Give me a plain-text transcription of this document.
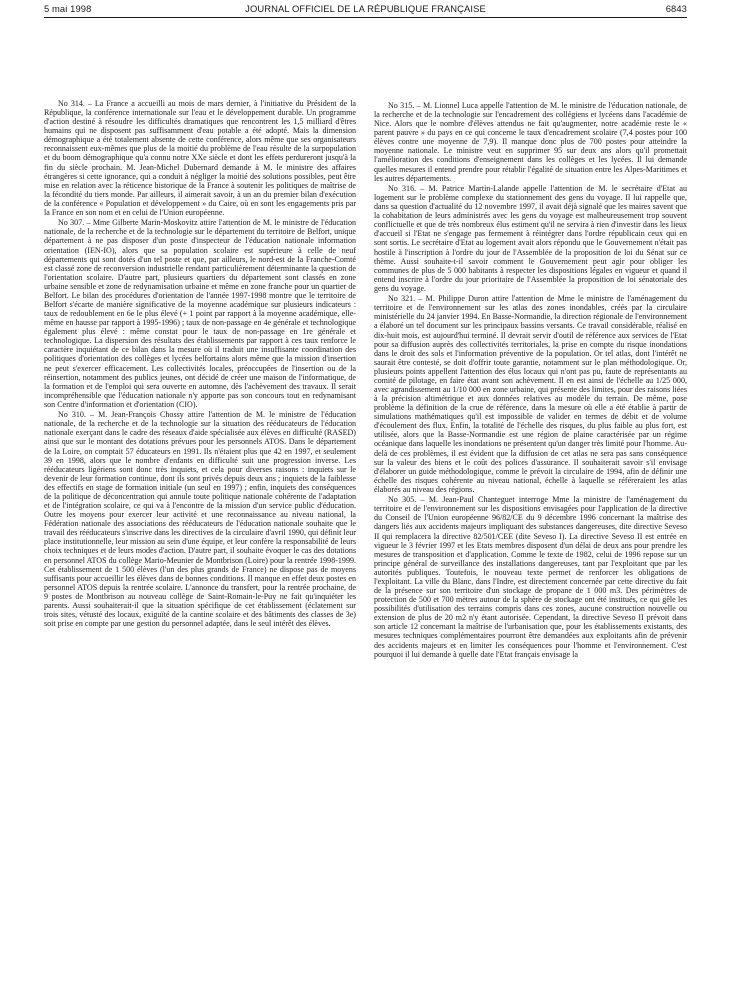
5 mai 1998	JOURNAL OFFICIEL DE LA RÉPUBLIQUE FRANÇAISE	6843

No 314. – La France a accueilli au mois de mars dernier, à l'initiative du Président de la République, la conférence internationale sur l'eau et le développement durable. Un programme d'action destiné à résoudre les difficultés dramatiques que rencontrent les 1,5 milliard d'êtres humains qui ne disposent pas suffisamment d'eau potable a été adopté. Mais la dimension démographique a été totalement absente de cette conférence, alors même que ses organisateurs reconnaissent eux-mêmes que plus de la moitié du problème de l'eau résulte de la surpopulation et du boom démographique qu'a connu notre XXe siècle et dont les effets perdureront jusqu'à la fin du siècle prochain. M. Jean-Michel Dubernard demande à M. le ministre des affaires étrangères si cette ignorance, qui a conduit à négliger la moitié des solutions possibles, peut être mise en relation avec la réticence historique de la France à soutenir les politiques de maîtrise de la fécondité du tiers monde. Par ailleurs, il aimerait savoir, à un an du premier bilan d'exécution de la conférence « Population et développement » du Caire, où en sont les engagements pris par la France en son nom et en celui de l'Union européenne.

No 307. – Mme Gilberte Marin-Moskovitz attire l'attention de M. le ministre de l'éducation nationale, de la recherche et de la technologie sur le département du territoire de Belfort, unique département à ne pas disposer d'un poste d'inspecteur de l'éducation nationale information orientation (IEN-IO), alors que sa population scolaire est supérieure à celle de neuf départements qui sont dotés d'un tel poste et que, par ailleurs, le nord-est de la Franche-Comté est classé zone de reconversion industrielle rendant particulièrement déterminante la question de l'orientation scolaire. D'autre part, plusieurs quartiers du département sont classés en zone urbaine sensible et zone de redynamisation urbaine et même en zone franche pour un quartier de Belfort. Le bilan des procédures d'orientation de l'année 1997-1998 montre que le territoire de Belfort s'écarte de manière significative de la moyenne académique sur plusieurs indicateurs : taux de redoublement en 6e le plus élevé (+ 1 point par rapport à la moyenne académique, elle-même en hausse par rapport à 1995-1996) ; taux de non-passage en 4e générale et technologique également plus élevé : même constat pour le taux de non-passage en 1re générale et technologique. La dispersion des résultats des établissements par rapport à ces taux renforce le caractère inquiétant de ce bilan dans la mesure où il traduit une insuffisante coordination des politiques d'orientation des collèges et lycées belfortains alors même que la mission d'insertion ne peut s'exercer efficacement. Les collectivités locales, préoccupées de l'insertion ou de la réinsertion, notamment des publics jeunes, ont décidé de créer une maison de l'informatique, de la formation et de l'emploi qui sera ouverte en automne, dès l'achèvement des travaux. Il serait incompréhensible que l'éducation nationale n'y apporte pas son concours tout en redynamisant son Centre d'information et d'orientation (CIO).

No 310. – M. Jean-François Chossy attire l'attention de M. le ministre de l'éducation nationale, de la recherche et de la technologie sur la situation des rééducateurs de l'éducation nationale exerçant dans le cadre des réseaux d'aide spécialisée aux élèves en difficulté (RASED) ainsi que sur le montant des dotations prévues pour les personnels ATOS. Dans le département de la Loire, on comptait 57 éducateurs en 1991. Ils n'étaient plus que 42 en 1997, et seulement 39 en 1998, alors que le nombre d'enfants en difficulté suit une progression inverse. Les rééducateurs ligériens sont donc très inquiets, et cela pour diverses raisons : inquiets sur le devenir de leur formation continue, dont ils sont privés depuis deux ans ; inquiets de la faiblesse des effectifs en stage de formation initiale (un seul en 1997) ; enfin, inquiets des conséquences de la politique de déconcentration qui annule toute politique nationale cohérente de l'adaptation et de l'intégration scolaire, ce qui va à l'encontre de la mission d'un service public d'éducation. Outre les moyens pour exercer leur activité et une reconnaissance au niveau national, la Fédération nationale des associations des rééducateurs de l'éducation nationale souhaite que le travail des rééducateurs s'inscrive dans les directives de la circulaire d'avril 1990, qui définit leur place institutionnelle, leur mission au sein d'une équipe, et leur confère la responsabilité de leurs choix techniques et de leurs modes d'action. D'autre part, il souhaite évoquer le cas des dotations en personnel ATOS du collège Mario-Meunier de Montbrison (Loire) pour la rentrée 1998-1999. Cet établissement de 1 500 élèves (l'un des plus grands de France) ne dispose pas de moyens suffisants pour accueillir les élèves dans de bonnes conditions. Il manque en effet deux postes en personnel ATOS depuis la rentrée scolaire. L'annonce du transfert, pour la rentrée prochaine, de 9 postes de Montbrison au nouveau collège de Saint-Romain-le-Puy ne fait qu'inquiéter les parents. Aussi souhaiterait-il que la situation spécifique de cet établissement (éclatement sur trois sites, vétusté des locaux, exiguïté de la cantine scolaire et des bâtiments des classes de 3e) soit prise en compte par une gestion du personnel adaptée, dans le seul intérêt des élèves.

No 315. – M. Lionnel Luca appelle l'attention de M. le ministre de l'éducation nationale, de la recherche et de la technologie sur l'encadrement des collégiens et lycéens dans l'académie de Nice. Alors que le nombre d'élèves attendus ne fait qu'augmenter, notre académie reste le « parent pauvre » du pays en ce qui concerne le taux d'encadrement scolaire (7,4 postes pour 100 élèves contre une moyenne de 7,9). Il manque donc plus de 700 postes pour atteindre la moyenne nationale. Le ministre veut en supprimer 95 sur deux ans alors qu'il promettait l'amélioration des conditions d'enseignement dans les collèges et les lycées. Il lui demande quelles mesures il entend prendre pour rétablir l'égalité de situation entre les Alpes-Maritimes et les autres départements.

No 316. – M. Patrice Martin-Lalande appelle l'attention de M. le secrétaire d'Etat au logement sur le problème complexe du stationnement des gens du voyage. Il lui rappelle que, dans sa question d'actualité du 12 novembre 1997, il avait déjà signalé que les maires savent que la cohabitation de leurs administrés avec les gens du voyage est malheureusement trop souvent conflictuelle et que de très nombreux élus estiment qu'il ne servira à rien d'investir dans les lieux d'accueil si l'Etat ne s'engage pas fermement à réintégrer dans l'ordre républicain ceux qui en sont sortis. Le secrétaire d'Etat au logement avait alors répondu que le Gouvernement n'était pas hostile à l'inscription à l'ordre du jour de l'Assemblée de la proposition de loi du Sénat sur ce thème. Aussi souhaite-t-il savoir comment le Gouvernement peut agir pour obliger les communes de plus de 5 000 habitants à respecter les dispositions légales en vigueur et quand il entend inscrire à l'ordre du jour prioritaire de l'Assemblée la proposition de loi sénatoriale des gens du voyage.

No 321. – M. Philippe Duron attire l'attention de Mme le ministre de l'aménagement du territoire et de l'environnement sur les atlas des zones inondables, créés par la circulaire ministérielle du 24 janvier 1994. En Basse-Normandie, la direction régionale de l'environnement a élaboré un tel document sur les principaux bassins versants. Ce travail considérable, réalisé en dix-huit mois, est aujourd'hui terminé. Il devrait servir d'outil de référence aux services de l'Etat pour sa diffusion auprès des collectivités territoriales, la prise en compte du risque inondations dans le droit des sols et l'information préventive de la population. Or tel atlas, dont l'intérêt ne saurait être contesté, se doit d'offrir toute garantie, notamment sur le plan méthodologique. Or, plusieurs points appellent l'attention des élus locaux qui n'ont pas pu, faute de représentants au comité de pilotage, en faire état avant son achèvement. Il en est ainsi de l'échelle au 1/25 000, avec agrandissement au 1/10 000 en zone urbaine, qui présente des limites, pour des raisons liées à la précision altimétrique et aux données relatives au modèle du terrain. De même, pose problème la définition de la crue de référence, dans la mesure où elle a été établie à partir de simulations mathématiques qu'il est impossible de valider en termes de débit et de volume d'écoulement des flux. Enfin, la totalité de l'échelle des risques, du plus faible au plus fort, est utilisée, alors que la Basse-Normandie est une région de plaine caractérisée par un régime océanique dans laquelle les inondations ne présentent qu'un danger très limité pour l'homme. Au-delà de ces problèmes, il est évident que la diffusion de cet atlas ne sera pas sans conséquence sur la valeur des biens et le coût des polices d'assurance. Il souhaiterait savoir s'il envisage d'élaborer un guide méthodologique, comme le prévoit la circulaire de 1994, afin de définir une échelle des risques cohérente au niveau national, échelle à laquelle se référeraient les atlas élaborés au niveau des régions.

No 305. – M. Jean-Paul Chanteguet interroge Mme la ministre de l'aménagement du territoire et de l'environnement sur les dispositions envisagées pour l'application de la directive du Conseil de l'Union européenne 96/82/CE du 9 décembre 1996 concernant la maîtrise des dangers liés aux accidents majeurs impliquant des substances dangereuses, dite directive Seveso II qui remplacera la directive 82/501/CEE (dite Seveso I). La directive Seveso II est entrée en vigueur le 3 février 1997 et les Etats membres disposent d'un délai de deux ans pour prendre les mesures de transposition et d'application. Comme le texte de 1982, celui de 1996 repose sur un principe général de surveillance des installations dangereuses, tant par l'exploitant que par les autorités publiques. Toutefois, le nouveau texte permet de renforcer les obligations de l'exploitant. La ville du Blanc, dans l'Indre, est directement concernée par cette directive du fait de la présence sur son territoire d'un stockage de propane de 1 000 m3. Des périmètres de protection de 500 et 700 mètres autour de la sphère de stockage ont été institués, ce qui gêle les possibilités d'utilisation des terrains compris dans ces zones, aucune construction nouvelle ou extension de plus de 20 m2 n'y étant autorisée. Cependant, la directive Seveso II prévoit dans son article 12 concernant la maîtrise de l'urbanisation que, pour les établissements existants, des mesures techniques complémentaires pourront être demandées aux exploitants afin de prévenir des accidents majeurs et en limiter les conséquences pour l'homme et l'environnement. C'est pourquoi il lui demande à quelle date l'Etat français envisage la
